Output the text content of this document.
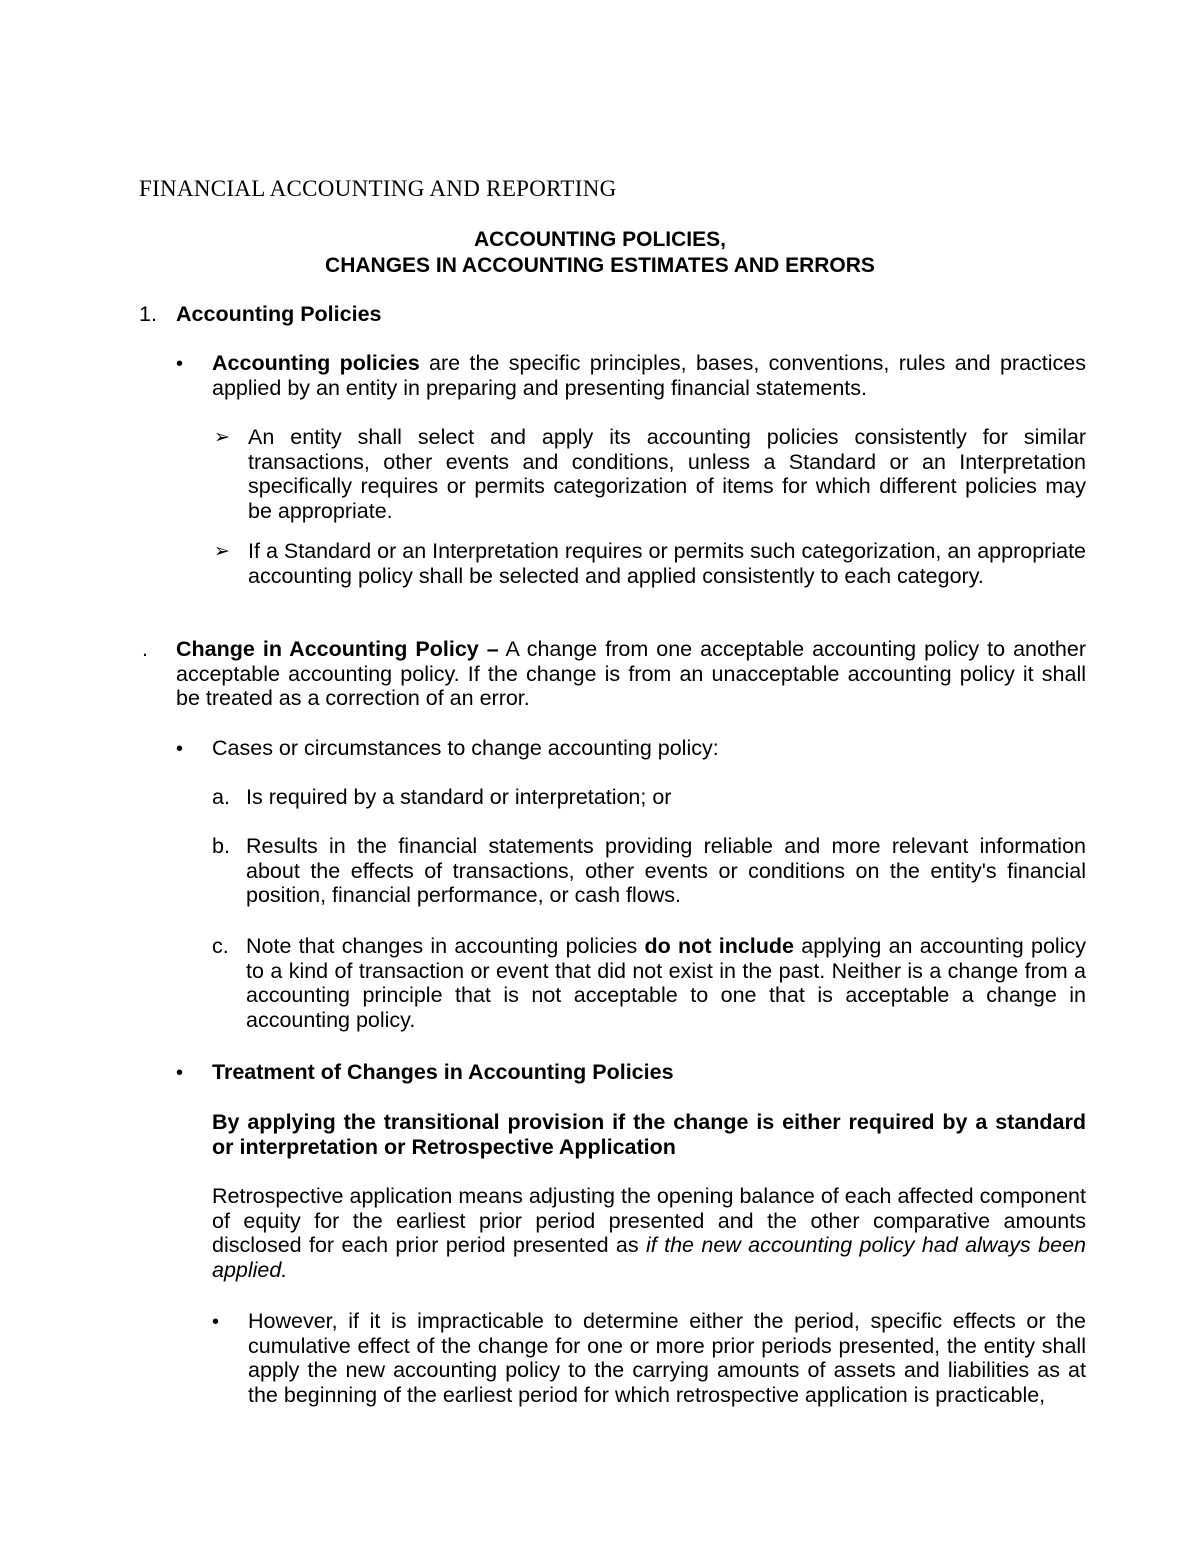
FINANCIAL ACCOUNTING AND REPORTING
ACCOUNTING POLICIES,
CHANGES IN ACCOUNTING ESTIMATES AND ERRORS
1. Accounting Policies
• Accounting policies are the specific principles, bases, conventions, rules and practices applied by an entity in preparing and presenting financial statements.
➢ An entity shall select and apply its accounting policies consistently for similar transactions, other events and conditions, unless a Standard or an Interpretation specifically requires or permits categorization of items for which different policies may be appropriate.
➢ If a Standard or an Interpretation requires or permits such categorization, an appropriate accounting policy shall be selected and applied consistently to each category.
. Change in Accounting Policy – A change from one acceptable accounting policy to another acceptable accounting policy. If the change is from an unacceptable accounting policy it shall be treated as a correction of an error.
• Cases or circumstances to change accounting policy:
a. Is required by a standard or interpretation; or
b. Results in the financial statements providing reliable and more relevant information about the effects of transactions, other events or conditions on the entity's financial position, financial performance, or cash flows.
c. Note that changes in accounting policies do not include applying an accounting policy to a kind of transaction or event that did not exist in the past. Neither is a change from a accounting principle that is not acceptable to one that is acceptable a change in accounting policy.
• Treatment of Changes in Accounting Policies
By applying the transitional provision if the change is either required by a standard or interpretation or Retrospective Application
Retrospective application means adjusting the opening balance of each affected component of equity for the earliest prior period presented and the other comparative amounts disclosed for each prior period presented as if the new accounting policy had always been applied.
• However, if it is impracticable to determine either the period, specific effects or the cumulative effect of the change for one or more prior periods presented, the entity shall apply the new accounting policy to the carrying amounts of assets and liabilities as at the beginning of the earliest period for which retrospective application is practicable,
